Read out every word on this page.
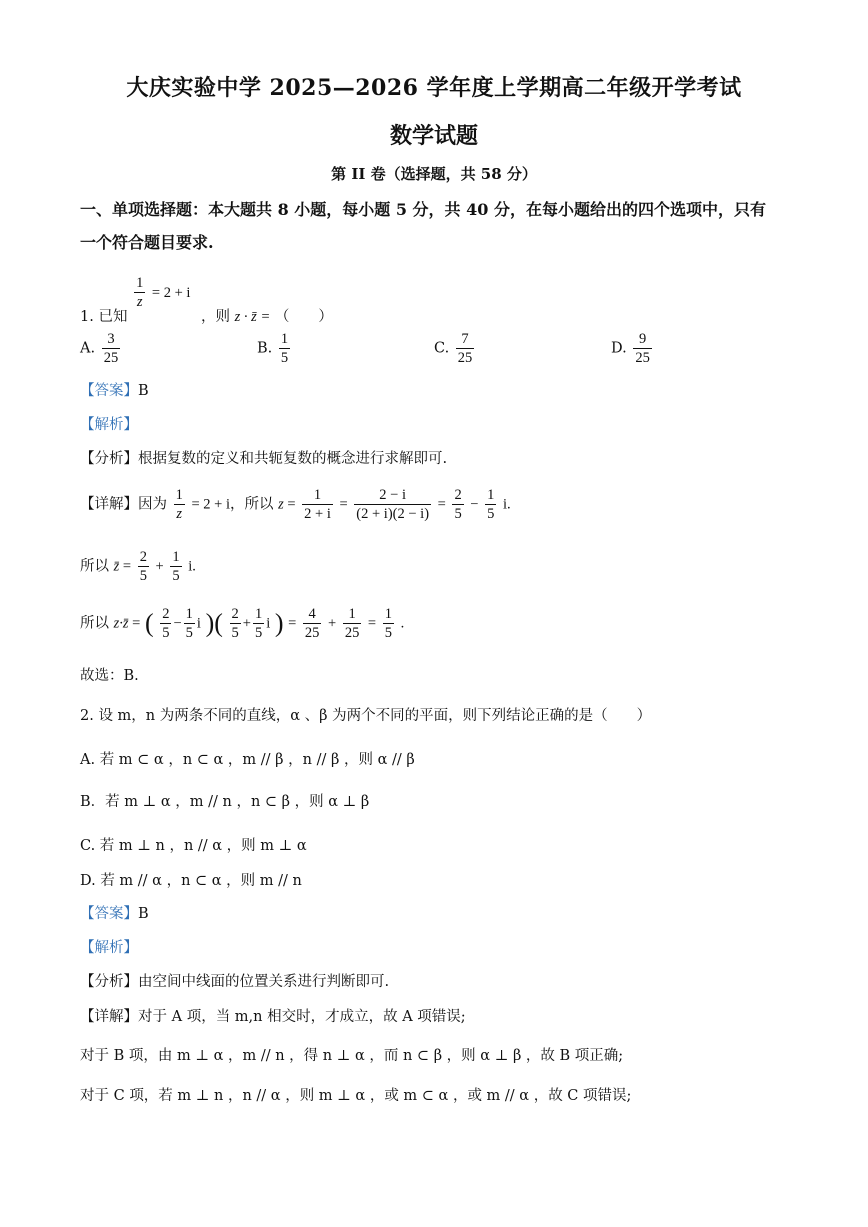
大庆实验中学 2025—2026 学年度上学期高二年级开学考试
数学试题
第 II 卷（选择题，共 58 分）
一、单项选择题：本大题共 8 小题，每小题 5 分，共 40 分，在每小题给出的四个选项中，只有
一个符合题目要求.
1. 已知
$\frac{1}{z} = 2 + i$ ，则 z · z̄ = （　　）
A. $\frac{3}{25}$	B. $\frac{1}{5}$	C. $\frac{7}{25}$	D. $\frac{9}{25}$
【答案】B
【解析】
【分析】根据复数的定义和共轭复数的概念进行求解即可.
【详解】因为 $\frac{1}{z} = 2 + i$，所以 $z = \frac{1}{2 + i} = \frac{2 - i}{(2 + i)(2 - i)} = \frac{2}{5} - \frac{1}{5} i$.
所以 z̄ = $\frac{2}{5} + \frac{1}{5} i$.
所以 z·z̄ = ( $\frac{2}{5} - \frac{1}{5}$ i )( $\frac{2}{5} + \frac{1}{5}$ i ) = $\frac{4}{25} + \frac{1}{25} = \frac{1}{5}$ .
故选：B.
2. 设 m，n 为两条不同的直线，α 、β 为两个不同的平面，则下列结论正确的是（　　）
A. 若 m ⊂ α ，n ⊂ α ，m // β ，n // β ，则 α // β
B．若 m ⊥ α ，m // n ，n ⊂ β ，则 α ⊥ β
C. 若 m ⊥ n ，n // α ，则 m ⊥ α
D. 若 m // α ，n ⊂ α ，则 m // n
【答案】B
【解析】
【分析】由空间中线面的位置关系进行判断即可.
【详解】对于 A 项，当 m,n 相交时，才成立，故 A 项错误;
对于 B 项，由 m ⊥ α ，m // n ，得 n ⊥ α ，而 n ⊂ β ，则 α ⊥ β ，故 B 项正确;
对于 C 项，若 m ⊥ n ，n // α ，则 m ⊥ α ，或 m ⊂ α ，或 m // α ，故 C 项错误;
